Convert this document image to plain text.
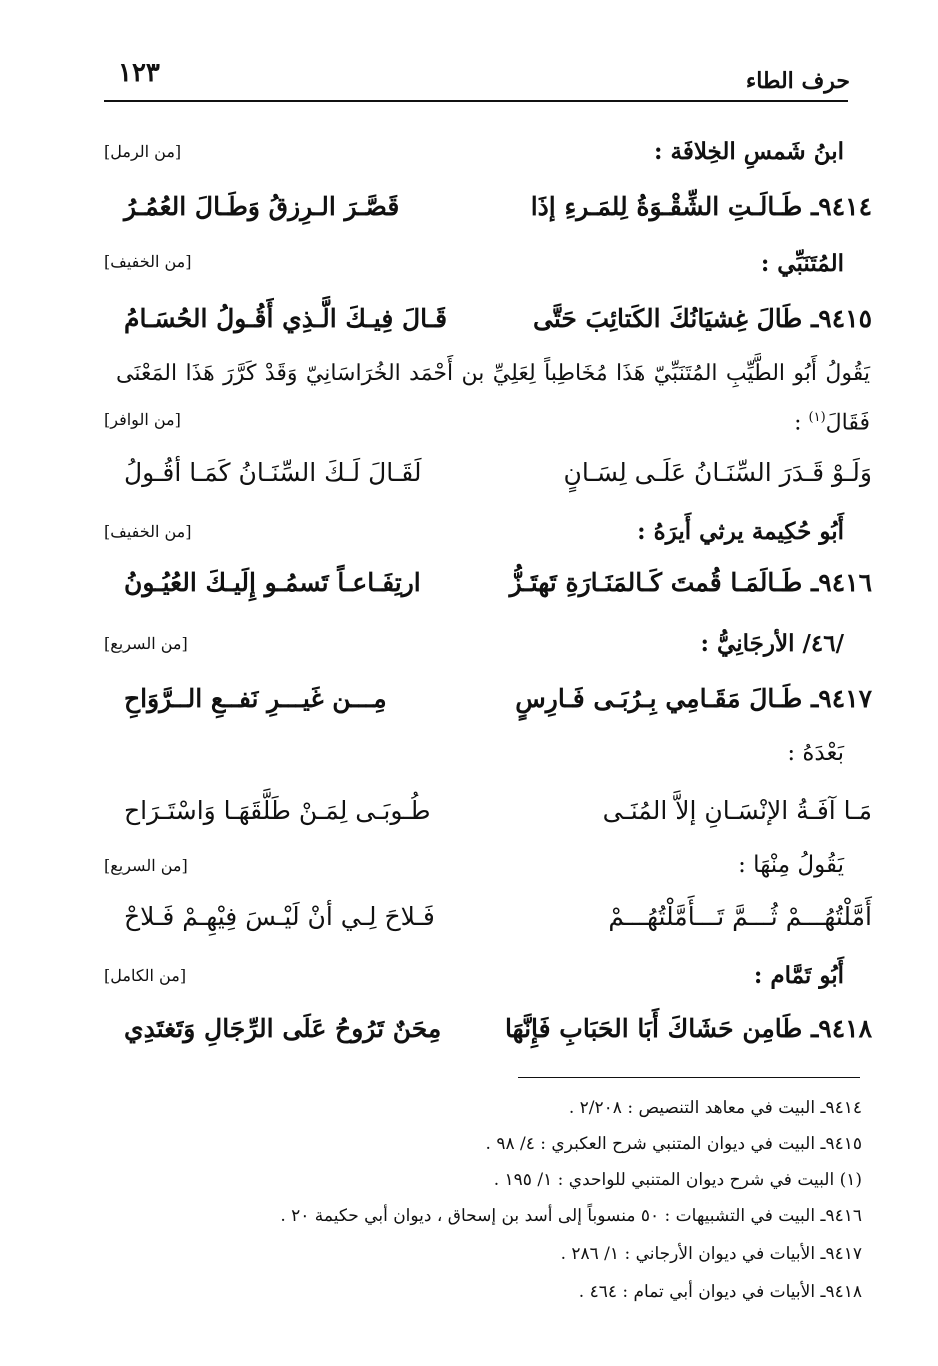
حرف الطاء
١٢٣
ابنُ شَمسِ الخِلافَة :
[من الرمل]
٩٤١٤ـ طَـالَـتِ الشِّقْـوَةُ لِلمَـرءِ إذَا
قَصَّـرَ الـرِزقُ وَطَـالَ العُمُـرُ
المُتَنَبِّي :
[من الخفيف]
٩٤١٥ـ طَالَ غِشيَانُكَ الكَتائِبَ حَتَّى
قَـالَ فِيـكَ الَّـذِي أَقُـولُ الحُسَـامُ
يَقُولُ أَبُو الطَّيِّبِ المُتَنَبِّيّ هَذَا مُخَاطِباً لِعَلِيِّ بن أَحْمَد الخُرَاسَانِيّ وَقَدْ كَرَّرَ هَذَا المَعْنَى فَقَالَ$^{(١)}$ :
[من الوافر]
وَلَـوْ قَـدَرَ السِّنَـانُ عَلَـى لِسَـانٍ
لَقَـالَ لَـكَ السِّنَـانُ كَمَـا أقُـولُ
أَبُو حُكِيمة يرثي أَيرَهُ :
[من الخفيف]
٩٤١٦ـ طَـالَمَـا قُمتَ كَـالمَنَـارَةِ تَهتَـزُّ
ارتِفَـاعـاً تَسمُـو إِلَيـكَ العُيُـونُ
/٤٦/ الأرجَانِيُّ :
[من السريع]
٩٤١٧ـ طَـالَ مَقَـامِي بِـرُبَـى فَـارِسٍ
مِـــن غَيـــرِ نَفــعِ الــرَّوَاحِ
بَعْدَهُ :
مَـا آفَـةُ الإنْسَـانِ إلاَّ المُنَـى
طُـوبَـى لِمَـنْ طَلَّقَهَـا وَاسْتَـرَاح
يَقُولُ مِنْهَا :
[من السريع]
أَمَّلْتُهُـــمْ ثُـــمَّ تَـــأَمَّلْتُهُـــمْ
فَـلاحَ لِـي أنْ لَيْـسَ فِيْهِـمْ فَـلاحْ
أَبُو تَمَّام :
[من الكامل]
٩٤١٨ـ طَامِن حَشَاكَ أَبَا الحَبَابِ فَإِنَّهَا
مِحَنٌ تَرُوحُ عَلَى الرِّجَالِ وَتَغتَدِي
٩٤١٤ـ البيت في معاهد التنصيص : ٢/٢٠٨ .
٩٤١٥ـ البيت في ديوان المتنبي شرح العكبري : ٤/ ٩٨ .
(١) البيت في شرح ديوان المتنبي للواحدي : ١/ ١٩٥ .
٩٤١٦ـ البيت في التشبيهات : ٥٠ منسوباً إلى أسد بن إسحاق ، ديوان أبي حكيمة ٢٠ .
٩٤١٧ـ الأبيات في ديوان الأرجاني : ١/ ٢٨٦ .
٩٤١٨ـ الأبيات في ديوان أبي تمام : ٤٦٤ .
